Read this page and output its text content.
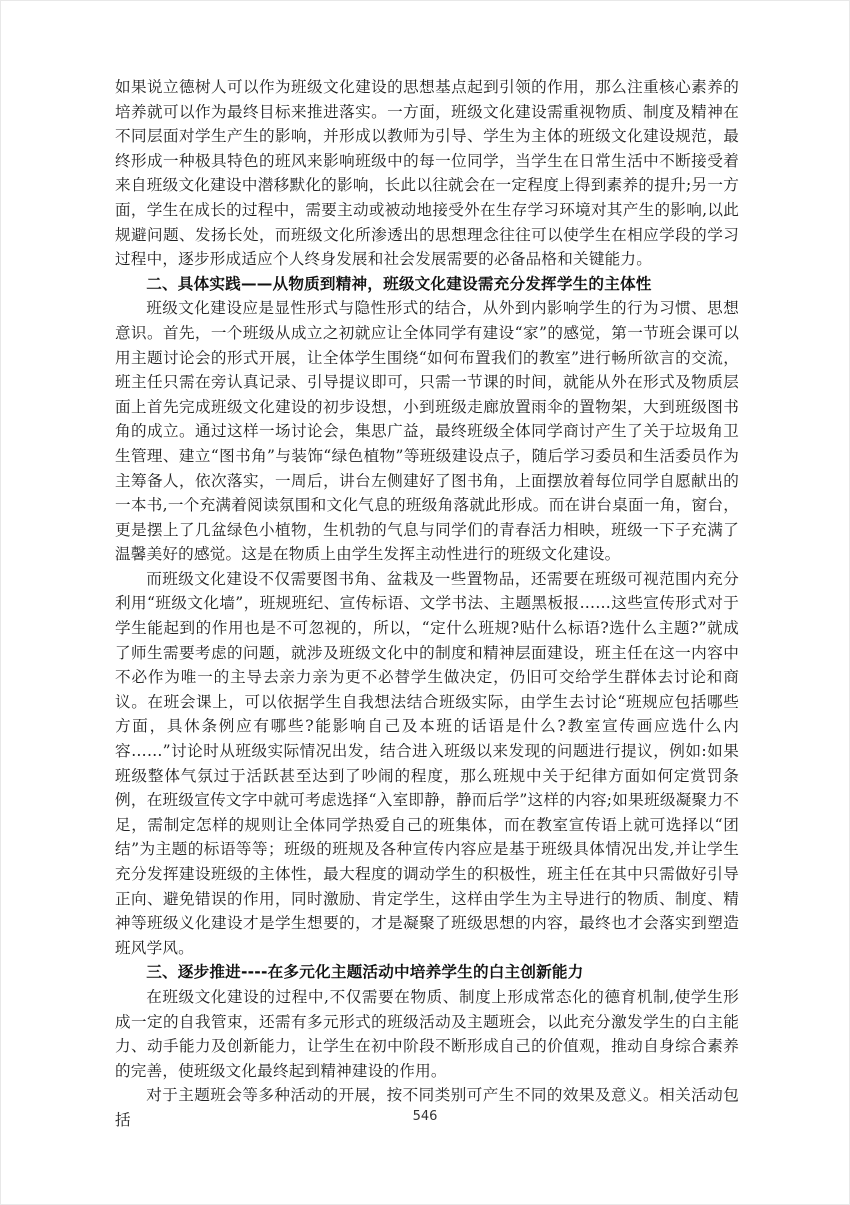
如果说立德树人可以作为班级文化建设的思想基点起到引领的作用，那么注重核心素养的培养就可以作为最终目标来推进落实。一方面，班级文化建设需重视物质、制度及精神在不同层面对学生产生的影响，并形成以教师为引导、学生为主体的班级文化建设规范，最终形成一种极具特色的班风来影响班级中的每一位同学，当学生在日常生活中不断接受着来自班级文化建设中潜移默化的影响，长此以往就会在一定程度上得到素养的提升;另一方面，学生在成长的过程中，需要主动或被动地接受外在生存学习环境对其产生的影响,以此规避问题、发扬长处，而班级文化所渗透出的思想理念往往可以使学生在相应学段的学习过程中，逐步形成适应个人终身发展和社会发展需要的必备品格和关键能力。

二、具体实践——从物质到精神，班级文化建设需充分发挥学生的主体性

班级文化建设应是显性形式与隐性形式的结合，从外到内影响学生的行为习惯、思想意识。首先，一个班级从成立之初就应让全体同学有建设“家”的感觉，第一节班会课可以用主题讨论会的形式开展，让全体学生围绕“如何布置我们的教室”进行畅所欲言的交流，班主任只需在旁认真记录、引导提议即可，只需一节课的时间，就能从外在形式及物质层面上首先完成班级文化建设的初步设想，小到班级走廊放置雨伞的置物架，大到班级图书角的成立。通过这样一场讨论会，集思广益，最终班级全体同学商讨产生了关于垃圾角卫生管理、建立“图书角”与装饰“绿色植物”等班级建设点子，随后学习委员和生活委员作为主筹备人，依次落实，一周后，讲台左侧建好了图书角，上面摆放着每位同学自愿献出的一本书,一个充满着阅读氛围和文化气息的班级角落就此形成。而在讲台桌面一角，窗台，更是摆上了几盆绿色小植物，生机勃的气息与同学们的青春活力相映，班级一下子充满了温馨美好的感觉。这是在物质上由学生发挥主动性进行的班级文化建设。

而班级文化建设不仅需要图书角、盆栽及一些置物品，还需要在班级可视范围内充分利用“班级文化墙”，班规班纪、宣传标语、文学书法、主题黑板报……这些宣传形式对于学生能起到的作用也是不可忽视的，所以，“定什么班规?贴什么标语?选什么主题?”就成了师生需要考虑的问题，就涉及班级文化中的制度和精神层面建设，班主任在这一内容中不必作为唯一的主导去亲力亲为更不必替学生做决定，仍旧可交给学生群体去讨论和商议。在班会课上，可以依据学生自我想法结合班级实际，由学生去讨论“班规应包括哪些方面，具休条例应有哪些?能影响自己及本班的话语是什么?教室宣传画应选什么内容……”讨论时从班级实际情况出发，结合进入班级以来发现的问题进行提议，例如:如果班级整体气氛过于活跃甚至达到了吵闹的程度，那么班规中关于纪律方面如何定赏罚条例，在班级宣传文字中就可考虑选择“入室即静，静而后学”这样的内容;如果班级凝聚力不足，需制定怎样的规则让全体同学热爱自己的班集体，而在教室宣传语上就可选择以“团结”为主题的标语等等；班级的班规及各种宣传内容应是基于班级具体情况出发,并让学生充分发挥建设班级的主体性，最大程度的调动学生的积极性，班主任在其中只需做好引导正向、避免错误的作用，同时激励、肯定学生，这样由学生为主导进行的物质、制度、精神等班级义化建设才是学生想要的，才是凝聚了班级思想的内容，最终也才会落实到塑造班风学风。

三、逐步推进----在多元化主题活动中培养学生的白主创新能力

在班级文化建设的过程中,不仅需要在物质、制度上形成常态化的德育机制,使学生形成一定的自我管束，还需有多元形式的班级活动及主题班会，以此充分激发学生的白主能力、动手能力及创新能力，让学生在初中阶段不断形成自己的价值观，推动自身综合素养的完善，使班级文化最终起到精神建设的作用。

对于主题班会等多种活动的开展，按不同类别可产生不同的效果及意义。相关活动包括	546
